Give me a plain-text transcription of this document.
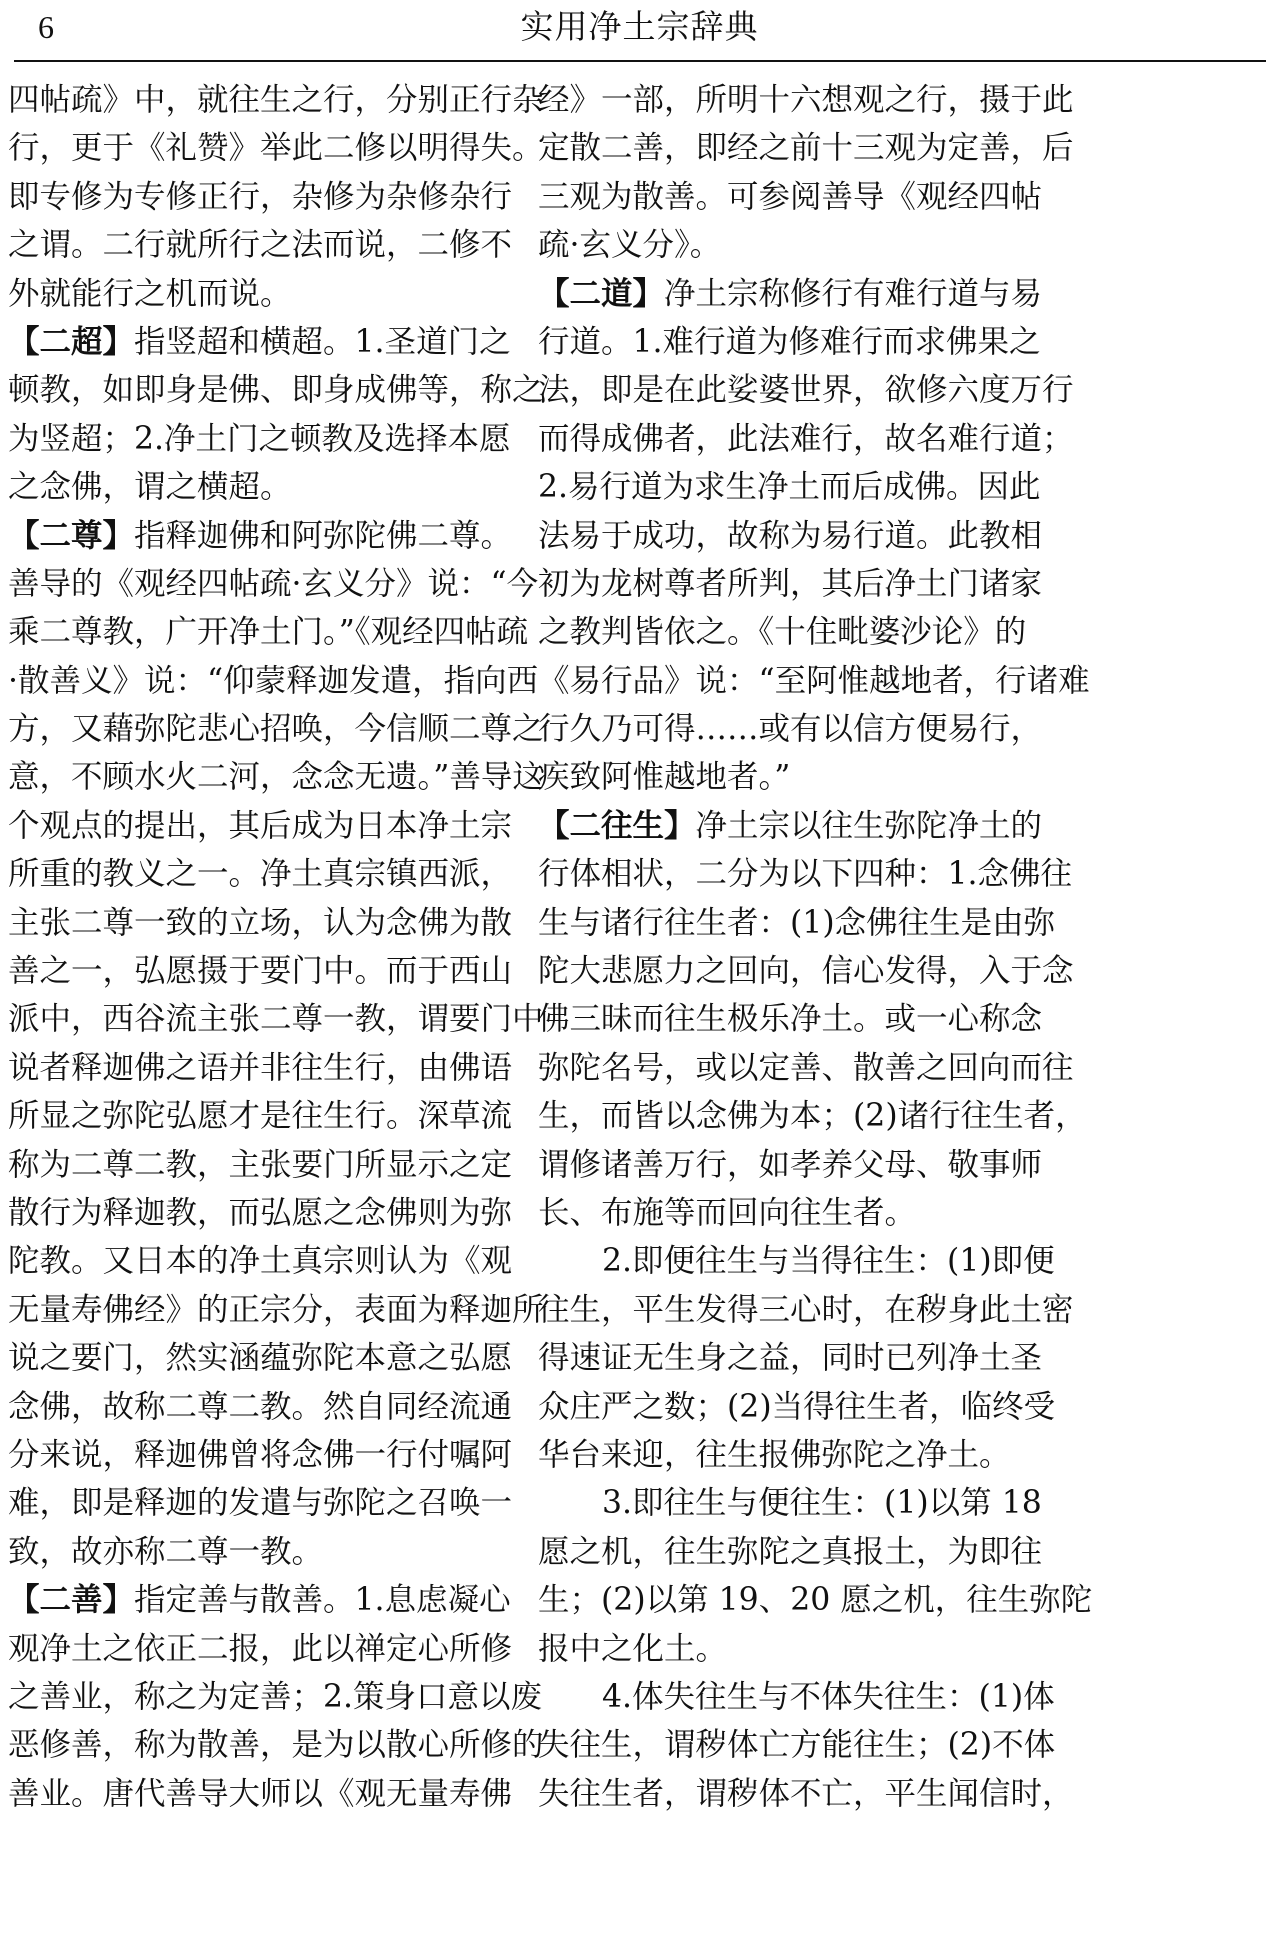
6	实用净土宗辞典
四帖疏》中，就往生之行，分别正行杂
行，更于《礼赞》举此二修以明得失。
即专修为专修正行，杂修为杂修杂行
之谓。二行就所行之法而说，二修不
外就能行之机而说。
【二超】指竖超和横超。1.圣道门之
顿教，如即身是佛、即身成佛等，称之
为竖超；2.净土门之顿教及选择本愿
之念佛，谓之横超。
【二尊】指释迦佛和阿弥陀佛二尊。
善导的《观经四帖疏·玄义分》说：“今
乘二尊教，广开净土门。”《观经四帖疏
·散善义》说：“仰蒙释迦发遣，指向西
方，又藉弥陀悲心招唤，今信顺二尊之
意，不顾水火二河，念念无遗。”善导这
个观点的提出，其后成为日本净土宗
所重的教义之一。净土真宗镇西派，
主张二尊一致的立场，认为念佛为散
善之一，弘愿摄于要门中。而于西山
派中，西谷流主张二尊一教，谓要门中
说者释迦佛之语并非往生行，由佛语
所显之弥陀弘愿才是往生行。深草流
称为二尊二教，主张要门所显示之定
散行为释迦教，而弘愿之念佛则为弥
陀教。又日本的净土真宗则认为《观
无量寿佛经》的正宗分，表面为释迦所
说之要门，然实涵蕴弥陀本意之弘愿
念佛，故称二尊二教。然自同经流通
分来说，释迦佛曾将念佛一行付嘱阿
难，即是释迦的发遣与弥陀之召唤一
致，故亦称二尊一教。
【二善】指定善与散善。1.息虑凝心
观净土之依正二报，此以禅定心所修
之善业，称之为定善；2.策身口意以废
恶修善，称为散善，是为以散心所修的
善业。唐代善导大师以《观无量寿佛
经》一部，所明十六想观之行，摄于此
定散二善，即经之前十三观为定善，后
三观为散善。可参阅善导《观经四帖
疏·玄义分》。
【二道】净土宗称修行有难行道与易
行道。1.难行道为修难行而求佛果之
法，即是在此娑婆世界，欲修六度万行
而得成佛者，此法难行，故名难行道；
2.易行道为求生净土而后成佛。因此
法易于成功，故称为易行道。此教相
初为龙树尊者所判，其后净土门诸家
之教判皆依之。《十住毗婆沙论》的
《易行品》说：“至阿惟越地者，行诸难
行久乃可得……或有以信方便易行，
疾致阿惟越地者。”
【二往生】净土宗以往生弥陀净土的
行体相状，二分为以下四种：1.念佛往
生与诸行往生者：(1)念佛往生是由弥
陀大悲愿力之回向，信心发得，入于念
佛三昧而往生极乐净土。或一心称念
弥陀名号，或以定善、散善之回向而往
生，而皆以念佛为本；(2)诸行往生者，
谓修诸善万行，如孝养父母、敬事师
长、布施等而回向往生者。
2.即便往生与当得往生：(1)即便
往生，平生发得三心时，在秽身此土密
得速证无生身之益，同时已列净土圣
众庄严之数；(2)当得往生者，临终受
华台来迎，往生报佛弥陀之净土。
3.即往生与便往生：(1)以第 18
愿之机，往生弥陀之真报土，为即往
生；(2)以第 19、20 愿之机，往生弥陀
报中之化土。
4.体失往生与不体失往生：(1)体
失往生，谓秽体亡方能往生；(2)不体
失往生者，谓秽体不亡，平生闻信时，
